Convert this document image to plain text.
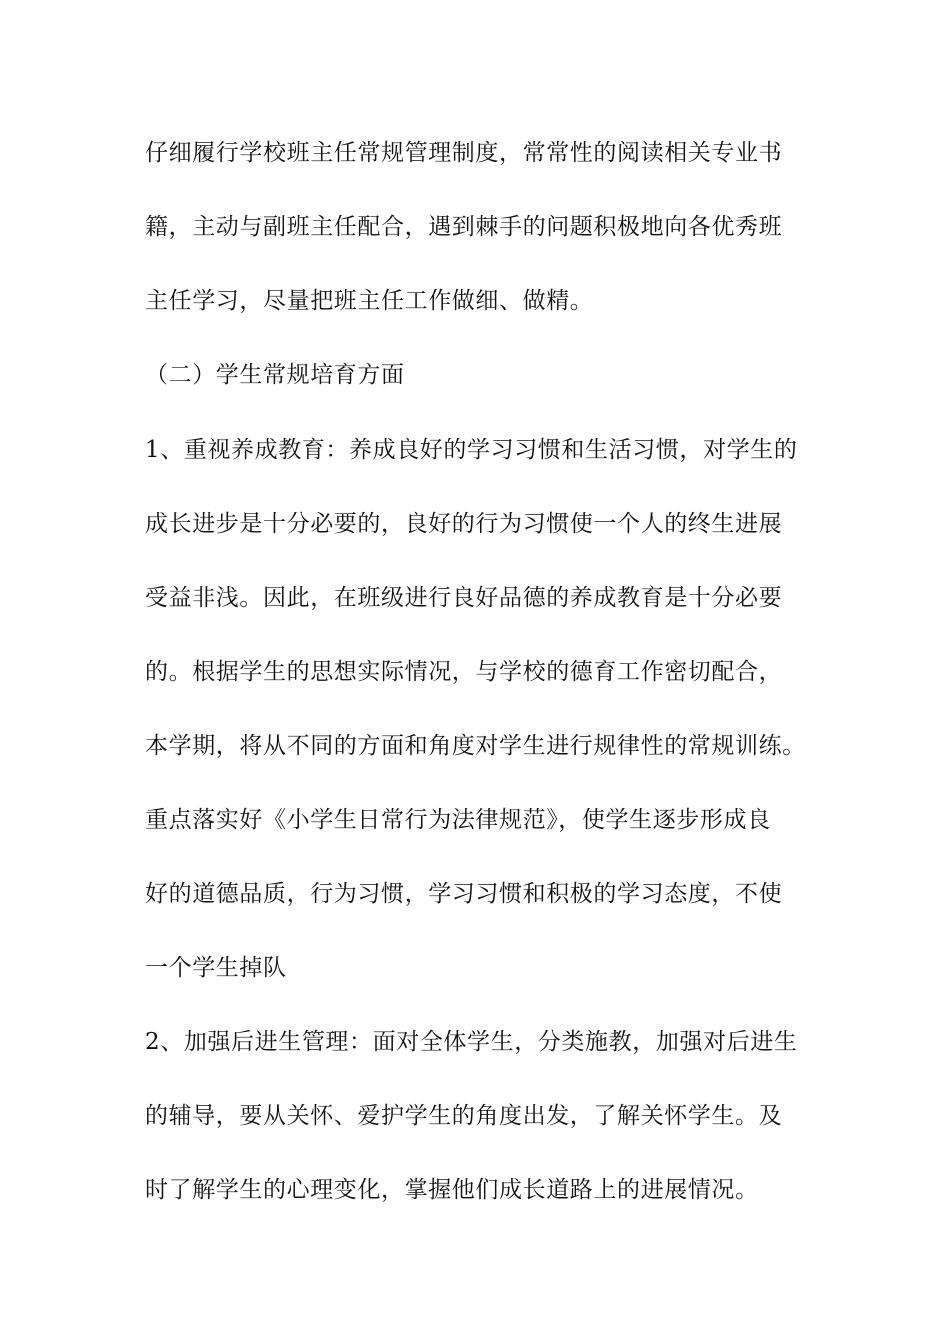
仔细履行学校班主任常规管理制度，常常性的阅读相关专业书
籍，主动与副班主任配合，遇到棘手的问题积极地向各优秀班
主任学习，尽量把班主任工作做细、做精。
（二）学生常规培育方面
1、重视养成教育：养成良好的学习习惯和生活习惯，对学生的
成长进步是十分必要的，良好的行为习惯使一个人的终生进展
受益非浅。因此，在班级进行良好品德的养成教育是十分必要
的。根据学生的思想实际情况，与学校的德育工作密切配合，
本学期，将从不同的方面和角度对学生进行规律性的常规训练。
重点落实好《小学生日常行为法律规范》，使学生逐步形成良
好的道德品质，行为习惯，学习习惯和积极的学习态度，不使
一个学生掉队
2、加强后进生管理：面对全体学生，分类施教，加强对后进生
的辅导，要从关怀、爱护学生的角度出发，了解关怀学生。及
时了解学生的心理变化，掌握他们成长道路上的进展情况。
